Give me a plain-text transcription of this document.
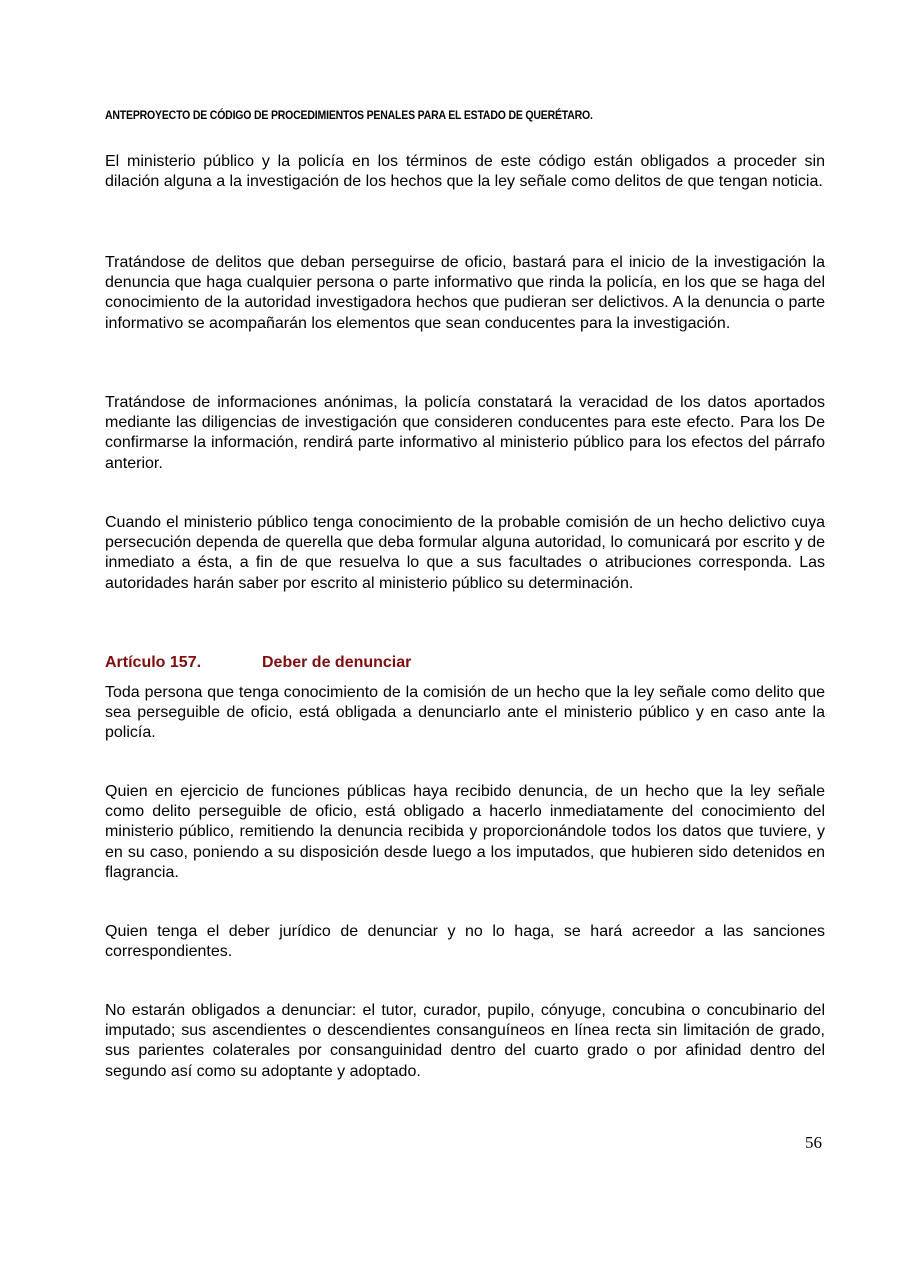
ANTEPROYECTO DE CÓDIGO DE PROCEDIMIENTOS PENALES PARA EL ESTADO DE QUERÉTARO.

El ministerio público y la policía en los términos de este código están obligados a proceder sin dilación alguna a la investigación de los hechos que la ley señale como delitos de que tengan noticia.

Tratándose de delitos que deban perseguirse de oficio, bastará para el inicio de la investigación la denuncia que haga cualquier persona o parte informativo que rinda la policía, en los que se haga del conocimiento de la autoridad investigadora hechos que pudieran ser delictivos. A la denuncia o parte informativo se acompañarán los elementos que sean conducentes para la investigación.

Tratándose de informaciones anónimas, la policía constatará la veracidad de los datos aportados mediante las diligencias de investigación que consideren conducentes para este efecto. Para los De confirmarse la información, rendirá parte informativo al ministerio público para los efectos del párrafo anterior.

Cuando el ministerio público tenga conocimiento de la probable comisión de un hecho delictivo cuya persecución dependa de querella que deba formular alguna autoridad, lo comunicará por escrito y de inmediato a ésta, a fin de que resuelva lo que a sus facultades o atribuciones corresponda. Las autoridades harán saber por escrito al ministerio público su determinación.

Artículo 157.	Deber de denunciar

Toda persona que tenga conocimiento de la comisión de un hecho que la ley señale como delito que sea perseguible de oficio, está obligada a denunciarlo ante el ministerio público y en caso ante la policía.

Quien en ejercicio de funciones públicas haya recibido denuncia, de un hecho que la ley señale como delito perseguible de oficio, está obligado a hacerlo inmediatamente del conocimiento del ministerio público, remitiendo la denuncia recibida y proporcionándole todos los datos que tuviere, y en su caso, poniendo a su disposición desde luego a los imputados, que hubieren sido detenidos en flagrancia.

Quien tenga el deber jurídico de denunciar y no lo haga, se hará acreedor a las sanciones correspondientes.

No estarán obligados a denunciar: el tutor, curador, pupilo, cónyuge, concubina o concubinario del imputado; sus ascendientes o descendientes consanguíneos en línea recta sin limitación de grado, sus parientes colaterales por consanguinidad dentro del cuarto grado o por afinidad dentro del segundo así como su adoptante y adoptado.

56
